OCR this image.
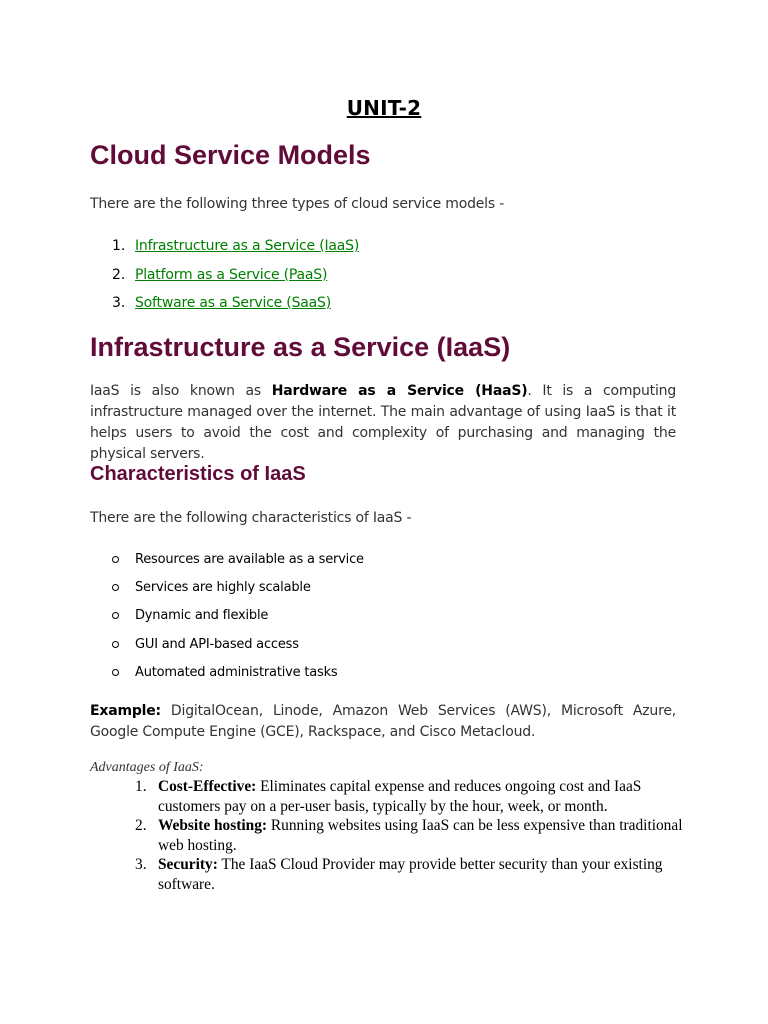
UNIT-2
Cloud Service Models

There are the following three types of cloud service models -

1. Infrastructure as a Service (IaaS)
2. Platform as a Service (PaaS)
3. Software as a Service (SaaS)
Infrastructure as a Service (IaaS)

IaaS is also known as Hardware as a Service (HaaS). It is a computing infrastructure managed over the internet. The main advantage of using IaaS is that it helps users to avoid the cost and complexity of purchasing and managing the physical servers.

Characteristics of IaaS

There are the following characteristics of IaaS -

Resources are available as a service
Services are highly scalable
Dynamic and flexible
GUI and API-based access
Automated administrative tasks

Example: DigitalOcean, Linode, Amazon Web Services (AWS), Microsoft Azure, Google Compute Engine (GCE), Rackspace, and Cisco Metacloud.

Advantages of IaaS:

1. Cost-Effective: Eliminates capital expense and reduces ongoing cost and IaaS customers pay on a per-user basis, typically by the hour, week, or month.
2. Website hosting: Running websites using IaaS can be less expensive than traditional web hosting.
3. Security: The IaaS Cloud Provider may provide better security than your existing software.
